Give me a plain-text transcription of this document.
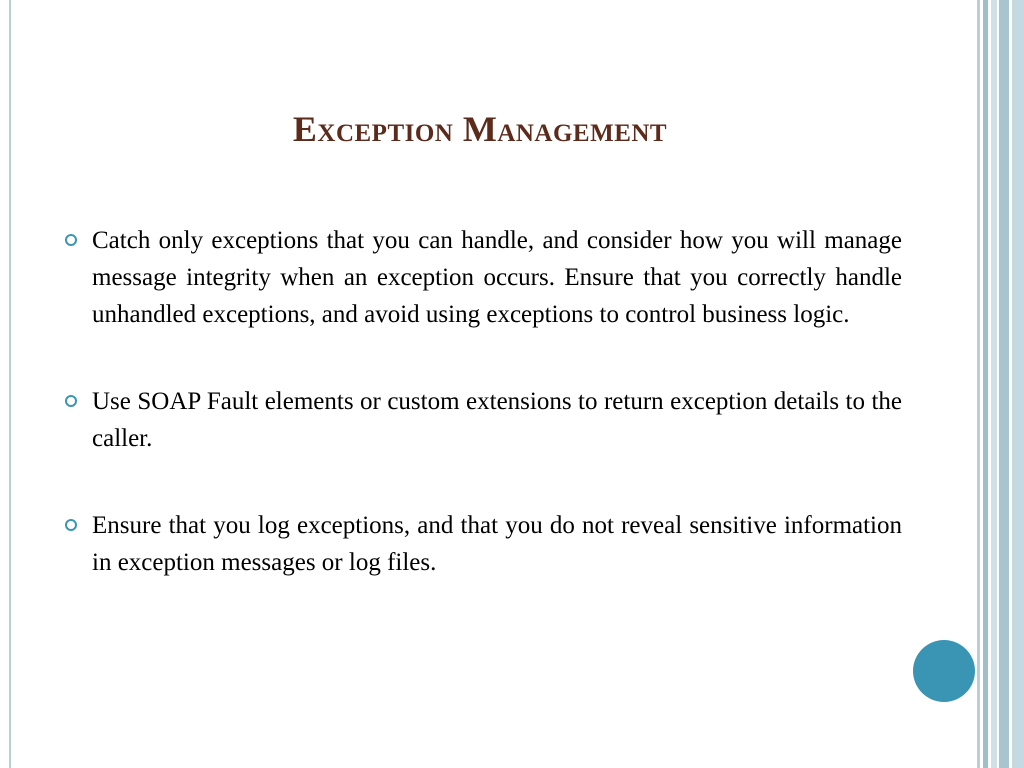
Exception Management
Catch only exceptions that you can handle, and consider how you will manage message integrity when an exception occurs. Ensure that you correctly handle unhandled exceptions, and avoid using exceptions to control business logic.
Use SOAP Fault elements or custom extensions to return exception details to the caller.
Ensure that you log exceptions, and that you do not reveal sensitive information in exception messages or log files.
